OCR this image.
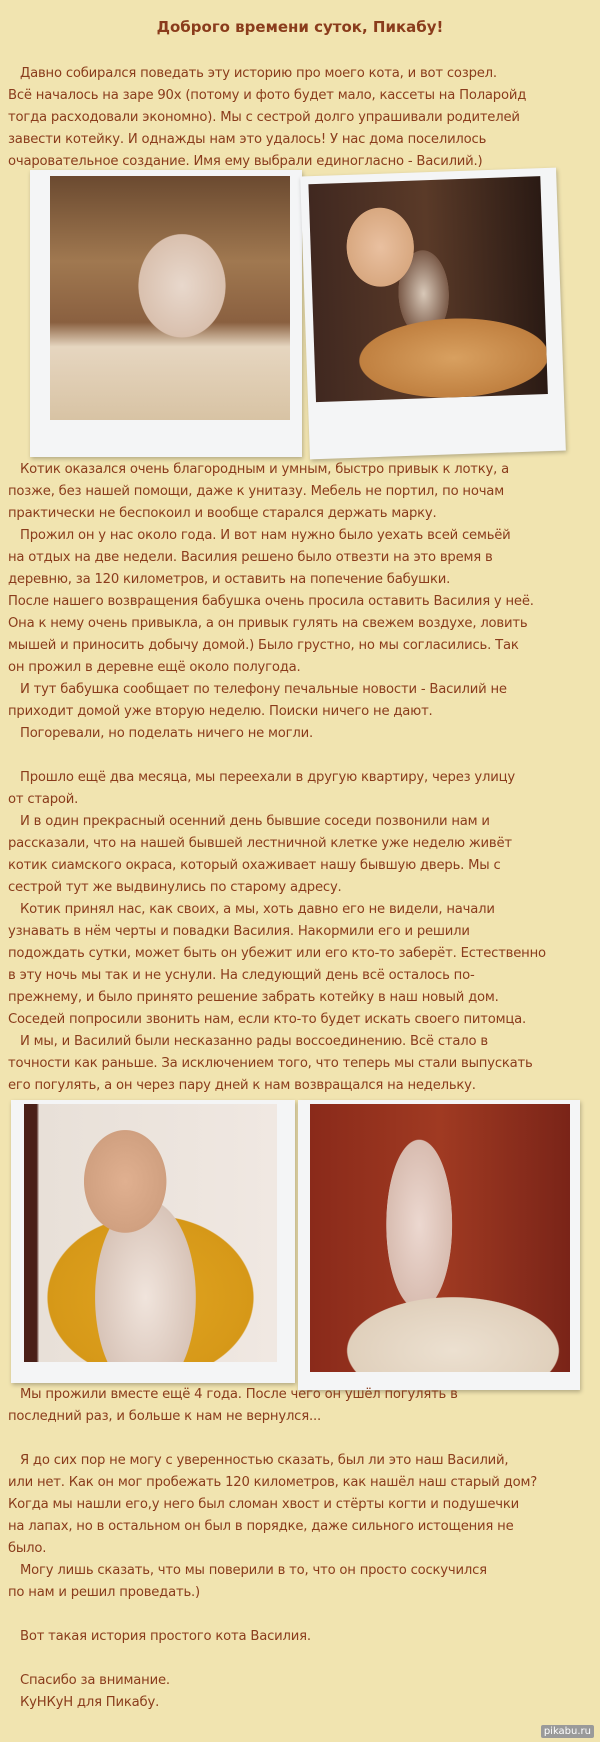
Доброго времени суток, Пикабу!
Давно собирался поведать эту историю про моего кота, и вот созрел.
Всё началось на заре 90х (потому и фото будет мало, кассеты на Поларойд
тогда расходовали экономно). Мы с сестрой долго упрашивали родителей
завести котейку. И однажды нам это удалось! У нас дома поселилось
очаровательное создание. Имя ему выбрали единогласно - Василий.)
Котик оказался очень благородным и умным, быстро привык к лотку, а
позже, без нашей помощи, даже к унитазу. Мебель не портил, по ночам
практически не беспокоил и вообще старался держать марку.
Прожил он у нас около года. И вот нам нужно было уехать всей семьёй
на отдых на две недели. Василия решено было отвезти на это время в
деревню, за 120 километров, и оставить на попечение бабушки.
После нашего возвращения бабушка очень просила оставить Василия у неё.
Она к нему очень привыкла, а он привык гулять на свежем воздухе, ловить
мышей и приносить добычу домой.) Было грустно, но мы согласились. Так
он прожил в деревне ещё около полугода.
И тут бабушка сообщает по телефону печальные новости - Василий не
приходит домой уже вторую неделю. Поиски ничего не дают.
Погоревали, но поделать ничего не могли.
Прошло ещё два месяца, мы переехали в другую квартиру, через улицу
от старой.
И в один прекрасный осенний день бывшие соседи позвонили нам и
рассказали, что на нашей бывшей лестничной клетке уже неделю живёт
котик сиамского окраса, который охаживает нашу бывшую дверь. Мы с
сестрой тут же выдвинулись по старому адресу.
Котик принял нас, как своих, а мы, хоть давно его не видели, начали
узнавать в нём черты и повадки Василия. Накормили его и решили
подождать сутки, может быть он убежит или его кто-то заберёт. Естественно
в эту ночь мы так и не уснули. На следующий день всё осталось по-
прежнему, и было принято решение забрать котейку в наш новый дом.
Соседей попросили звонить нам, если кто-то будет искать своего питомца.
И мы, и Василий были несказанно рады воссоединению. Всё стало в
точности как раньше. За исключением того, что теперь мы стали выпускать
его погулять, а он через пару дней к нам возвращался на недельку.
Мы прожили вместе ещё 4 года. После чего он ушёл погулять в
последний раз, и больше к нам не вернулся...
Я до сих пор не могу с уверенностью сказать, был ли это наш Василий,
или нет. Как он мог пробежать 120 километров, как нашёл наш старый дом?
Когда мы нашли его,у него был сломан хвост и стёрты когти и подушечки
на лапах, но в остальном он был в порядке, даже сильного истощения не
было.
Могу лишь сказать, что мы поверили в то, что он просто соскучился
по нам и решил проведать.)
Вот такая история простого кота Василия.
Спасибо за внимание.
КуНКуН для Пикабу.
pikabu.ru
